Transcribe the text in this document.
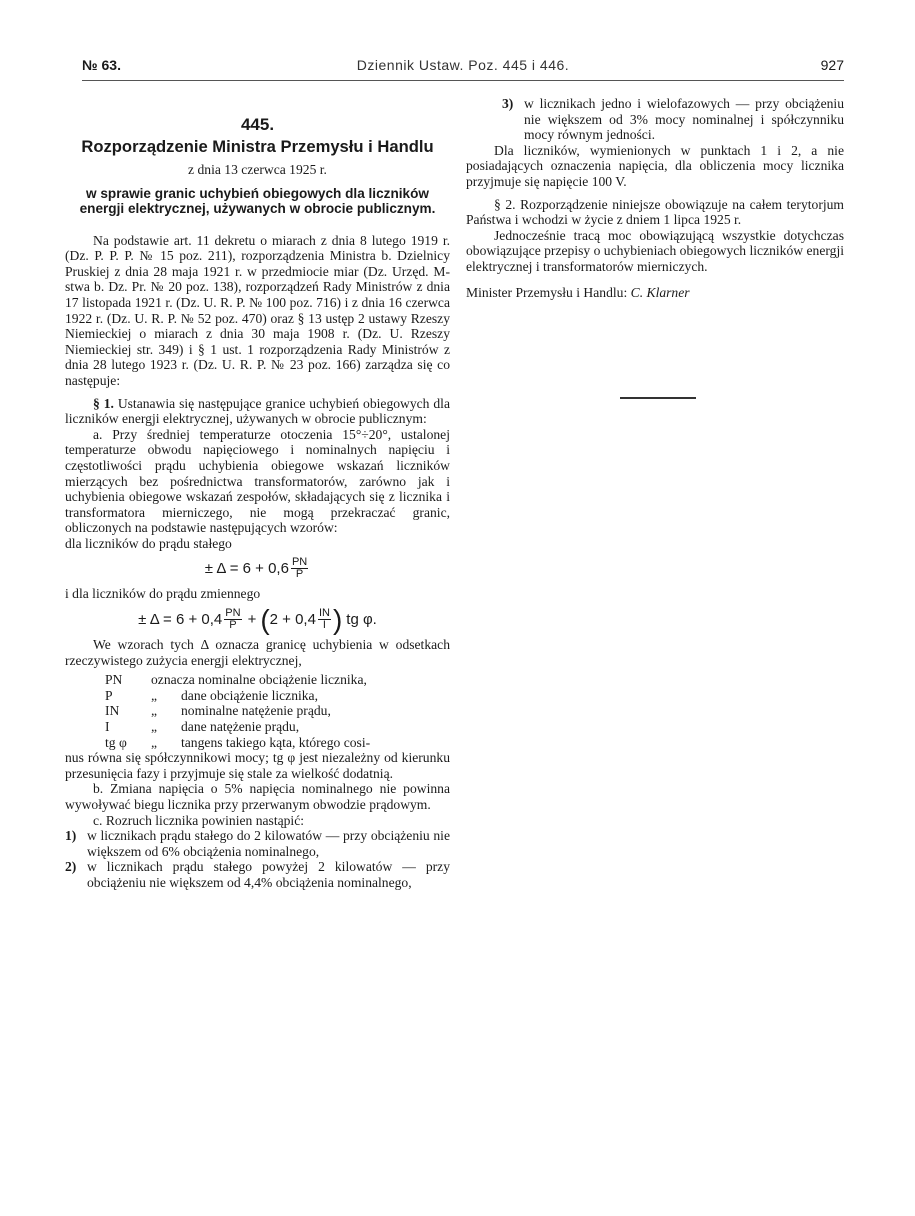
Dziennik Ustaw. Poz. 445 i 446.
№ 63.	927
445.
Rozporządzenie Ministra Przemysłu i Handlu
z dnia 13 czerwca 1925 r.
w sprawie granic uchybień obiegowych dla liczników energji elektrycznej, używanych w obrocie publicznym.

Na podstawie art. 11 dekretu o miarach z dnia 8 lutego 1919 r. (Dz. P. P. P. № 15 poz. 211), rozporządzenia Ministra b. Dzielnicy Pruskiej z dnia 28 maja 1921 r. w przedmiocie miar (Dz. Urzęd. M-stwa b. Dz. Pr. № 20 poz. 138), rozporządzeń Rady Ministrów z dnia 17 listopada 1921 r. (Dz. U. R. P. № 100 poz. 716) i z dnia 16 czerwca 1922 r. (Dz. U. R. P. № 52 poz. 470) oraz § 13 ustęp 2 ustawy Rzeszy Niemieckiej o miarach z dnia 30 maja 1908 r. (Dz. U. Rzeszy Niemieckiej str. 349) i § 1 ust. 1 rozporządzenia Rady Ministrów z dnia 28 lutego 1923 r. (Dz. U. R. P. № 23 poz. 166) zarządza się co następuje:

§ 1. Ustanawia się następujące granice uchybień obiegowych dla liczników energji elektrycznej, używanych w obrocie publicznym:

a. Przy średniej temperaturze otoczenia 15°÷20°, ustalonej temperaturze obwodu napięciowego i nominalnych napięciu i częstotliwości prądu uchybienia obiegowe wskazań liczników mierzących bez pośrednictwa transformatorów, zarówno jak i uchybienia obiegowe wskazań zespołów, składających się z licznika i transformatora mierniczego, nie mogą przekraczać granic, obliczonych na podstawie następujących wzorów:

dla liczników do prądu stałego

± $\Delta = 6 + 0,6 \frac{PN}{P}$

i dla liczników do prądu zmiennego

± $\Delta = 6 + 0,4 \frac{PN}{P}$ + ( $2 + 0,4 \frac{IN}{I}$ ) tg φ.

We wzorach tych Δ oznacza granicę uchybienia w odsetkach rzeczywistego zużycia energji elektrycznej,

PN	oznacza nominalne obciążenie licznika,
P	„	dane obciążenie licznika,
IN	„	nominalne natężenie prądu,
I	„	dane natężenie prądu,
tg φ	„	tangens takiego kąta, którego cosi-

nus równa się spółczynnikowi mocy; tg φ jest niezależny od kierunku przesunięcia fazy i przyjmuje się stale za wielkość dodatnią.

b. Zmiana napięcia o 5% napięcia nominalnego nie powinna wywoływać biegu licznika przy przerwanym obwodzie prądowym.

c. Rozruch licznika powinien nastąpić:

1) w licznikach prądu stałego do 2 kilowatów — przy obciążeniu nie większem od 6% obciążenia nominalnego,
2) w licznikach prądu stałego powyżej 2 kilowatów — przy obciążeniu nie większem od 4,4% obciążenia nominalnego,
3) w licznikach jedno i wielofazowych — przy obciążeniu nie większem od 3% mocy nominalnej i spółczynniku mocy równym jedności.

Dla liczników, wymienionych w punktach 1 i 2, a nie posiadających oznaczenia napięcia, dla obliczenia mocy licznika przyjmuje się napięcie 100 V.

§ 2. Rozporządzenie niniejsze obowiązuje na całem terytorjum Państwa i wchodzi w życie z dniem 1 lipca 1925 r.

Jednocześnie tracą moc obowiązującą wszystkie dotychczas obowiązujące przepisy o uchybieniach obiegowych liczników energji elektrycznej i transformatorów mierniczych.

Minister Przemysłu i Handlu: C. Klarner
